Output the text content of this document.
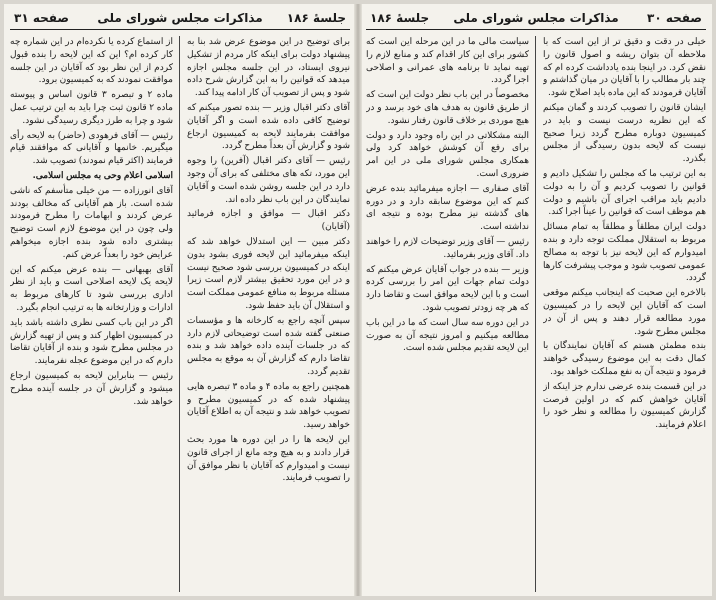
صفحه ۳۱ مذاکرات مجلس شورای ملی جلسهٔ ۱۸۶

برای توضیح در این موضوع عرض شد بنا به پیشنهاد دولت برای اینکه کار مردم از تشکیل نیروی ایستاد، در این جلسه مجلس اجازه میدهد که قوانین را به این گزارش شرح داده شود و پس از تصویب آن کار ادامه پیدا کند.

آقای دکتر اقبال وزیر — بنده تصور میکنم که توضیح کافی داده شده است و اگر آقایان موافقت بفرمایند لایحه به کمیسیون ارجاع شود و گزارش آن بعداً مطرح گردد.

رئیس — آقای دکتر اقبال (آفرین) را وجوه این مورد، تکه های مختلفی که برای آن وجود دارد در این جلسه روشن شده است و آقایان نمایندگان در این باب نظر داده اند.

دکتر اقبال — موافق و اجازه فرمائید (آقایان)

دکتر مبین — این استدلال خواهد شد که اینکه میفرمائید این لایحه فوری بشود بدون اینکه در کمیسیون بررسی شود صحیح نیست و در این مورد تحقیق بیشتر لازم است زیرا مسئله مربوط به منافع عمومی مملکت است و استقلال آن باید حفظ شود.

سپس آنچه راجع به کارخانه ها و مؤسسات صنعتی گفته شده است توضیحاتی لازم دارد که در جلسات آینده داده خواهد شد و بنده تقاضا دارم که گزارش آن به موقع به مجلس تقدیم گردد.

همچنین راجع به ماده ۴ و ماده ۳ تبصره هایی پیشنهاد شده که در کمیسیون مطرح و تصویب خواهد شد و نتیجه آن به اطلاع آقایان خواهد رسید.

این لایحه ها را در این دوره ها مورد بحث قرار دادند و به هیچ وجه مانع از اجرای قانون نیست و امیدوارم که آقایان با نظر موافق آن را تصویب فرمایند.

از استماع کرده یا نکرده‌ام در این شماره چه کار کرده ام؟ این که این لایحه را بنده قبول کردم از این نظر بود که آقایان در این جلسه موافقت نمودند که به کمیسیون برود.

ماده ۲ و تبصره ۳ قانون اساس و پیوسته ماده ۲ قانون ثبت چرا باید به این ترتیب عمل شود و چرا به طرز دیگری رسیدگی نشود.

رئیس — آقای فرهودی (حاضر) به لایحه رأی میگیریم. خانمها و آقایانی که موافقند قیام فرمایند (اکثر قیام نمودند) تصویب شد.

اسلامی اعلام وحی به مجلس اسلامی.

آقای انورزاده — من خیلی متأسفم که ناشی شده است. باز هم آقایانی که مخالف بودند عرض کردند و ابهامات را مطرح فرمودند ولی چون در این موضوع لازم است توضیح بیشتری داده شود بنده اجازه میخواهم عرایض خود را بعداً عرض کنم.

آقای بهبهانی — بنده عرض میکنم که این لایحه یک لایحه اصلاحی است و باید از نظر اداری بررسی شود تا کارهای مربوط به ادارات و وزارتخانه ها به ترتیب انجام بگیرد.

اگر در این باب کسی نظری داشته باشد باید در کمیسیون اظهار کند و پس از تهیه گزارش در مجلس مطرح شود و بنده از آقایان تقاضا دارم که در این موضوع عجله نفرمایند.

رئیس — بنابراین لایحه به کمیسیون ارجاع میشود و گزارش آن در جلسه آینده مطرح خواهد شد.

جلسهٔ ۱۸۶ مذاکرات مجلس شورای ملی صفحه ۳۰

خیلی در دقت و دقیق تر از این است که با ملاحظه آن بتوان ریشه و اصول قانون را نقض کرد. در اینجا بنده یادداشت کرده ام که چند بار مطالب را با آقایان در میان گذاشتم و آقایان فرمودند که این ماده باید اصلاح شود.

ایشان قانون را تصویب کردند و گمان میکنم که این نظریه درست نیست و باید در کمیسیون دوباره مطرح گردد زیرا صحیح نیست که لایحه بدون رسیدگی از مجلس بگذرد.

به این ترتیب ما که مجلس را تشکیل دادیم و قوانین را تصویب کردیم و آن را به دولت دادیم باید مراقب اجرای آن باشیم و دولت هم موظف است که قوانین را عیناً اجرا کند.

دولت ایران مطلقاً و مطلقاً به تمام مسائل مربوط به استقلال مملکت توجه دارد و بنده امیدوارم که این لایحه نیز با توجه به مصالح عمومی تصویب شود و موجب پیشرفت کارها گردد.

بالاخره این صحبت که اینجانب میکنم موقعی است که آقایان این لایحه را در کمیسیون مورد مطالعه قرار دهند و پس از آن در مجلس مطرح شود.

بنده مطمئن هستم که آقایان نمایندگان با کمال دقت به این موضوع رسیدگی خواهند فرمود و نتیجه آن به نفع مملکت خواهد بود.

در این قسمت بنده عرضی ندارم جز اینکه از آقایان خواهش کنم که در اولین فرصت گزارش کمیسیون را مطالعه و نظر خود را اعلام فرمایند.

سیاست مالی ما در این مرحله این است که کشور برای این کار اقدام کند و منابع لازم را تهیه نماید تا برنامه های عمرانی و اصلاحی اجرا گردد.

مخصوصاً در این باب نظر دولت این است که از طریق قانون به هدف های خود برسد و در هیچ موردی بر خلاف قانون رفتار نشود.

البته مشکلاتی در این راه وجود دارد و دولت برای رفع آن کوشش خواهد کرد ولی همکاری مجلس شورای ملی در این امر ضروری است.

آقای صفاری — اجازه میفرمائید بنده عرض کنم که این موضوع سابقه دارد و در دوره های گذشته نیز مطرح بوده و نتیجه ای نداشته است.

رئیس — آقای وزیر توضیحات لازم را خواهند داد. آقای وزیر بفرمائید.

وزیر — بنده در جواب آقایان عرض میکنم که دولت تمام جهات این امر را بررسی کرده است و با این لایحه موافق است و تقاضا دارد که هر چه زودتر تصویب شود.

در این دوره سه سال است که ما در این باب مطالعه میکنیم و امروز نتیجه آن به صورت این لایحه تقدیم مجلس شده است.
